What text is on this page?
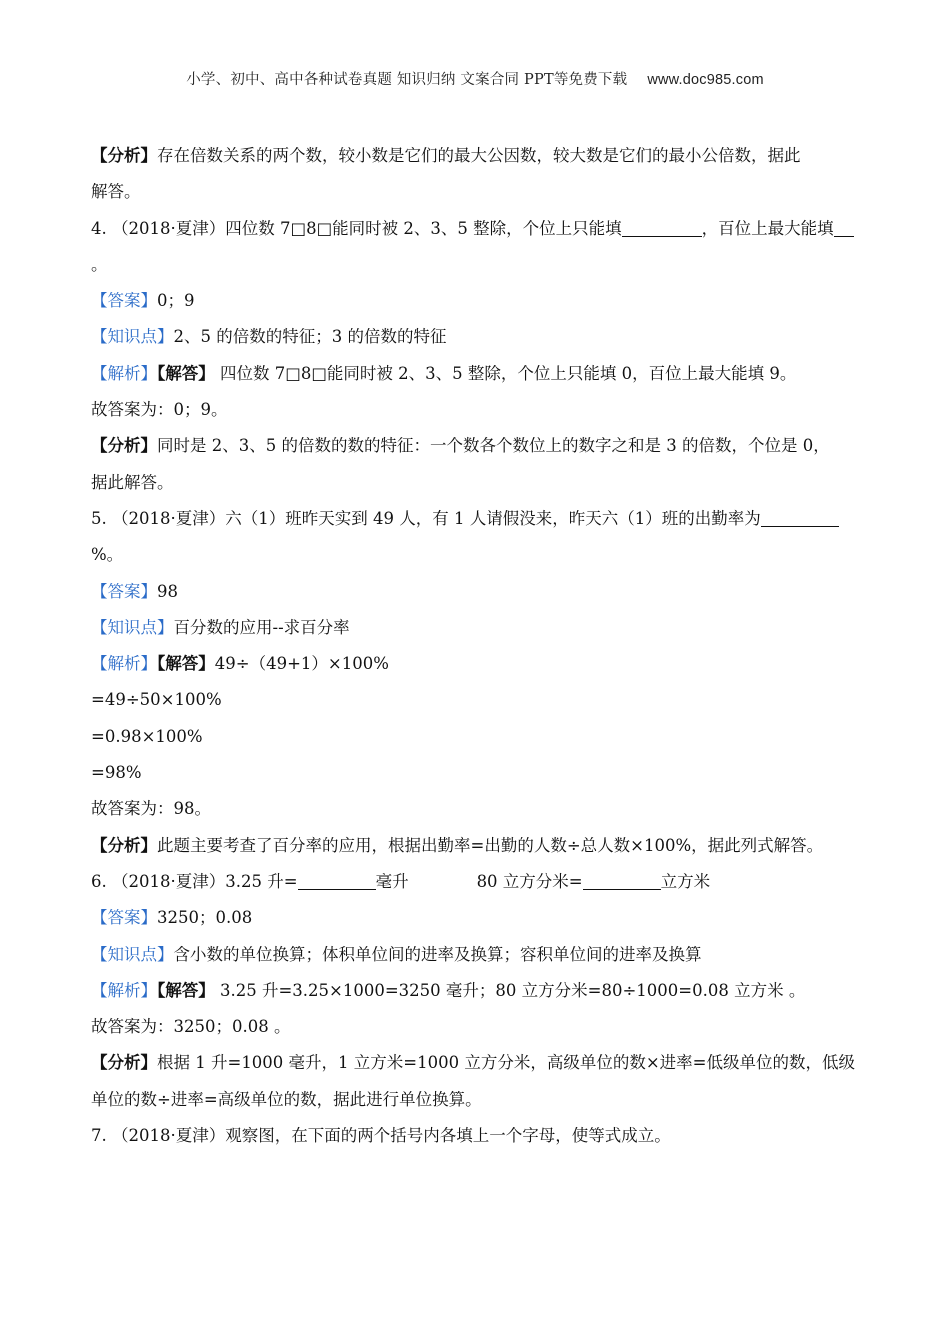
小学、初中、高中各种试卷真题 知识归纳 文案合同 PPT等免费下载 www.doc985.com
【分析】存在倍数关系的两个数，较小数是它们的最大公因数，较大数是它们的最小公倍数，据此
解答。
4. （2018·夏津）四位数 7□8□能同时被 2、3、5 整除，个位上只能填	，百位上最大能填
。
【答案】0；9
【知识点】2、5 的倍数的特征；3 的倍数的特征
【解析】【解答】 四位数 7□8□能同时被 2、3、5 整除，个位上只能填 0，百位上最大能填 9。
故答案为：0；9。
【分析】同时是 2、3、5 的倍数的数的特征：一个数各个数位上的数字之和是 3 的倍数，个位是 0，
据此解答。
5. （2018·夏津）六（1）班昨天实到 49 人，有 1 人请假没来，昨天六（1）班的出勤率为
%。
【答案】98
【知识点】百分数的应用--求百分率
【解析】【解答】49÷（49+1）×100%
=49÷50×100%
=0.98×100%
=98%
故答案为：98。
【分析】此题主要考查了百分率的应用，根据出勤率=出勤的人数÷总人数×100%，据此列式解答。
6. （2018·夏津）3.25 升=	毫升	80 立方分米=	立方米
【答案】3250；0.08
【知识点】含小数的单位换算；体积单位间的进率及换算；容积单位间的进率及换算
【解析】【解答】 3.25 升=3.25×1000=3250 毫升；80 立方分米=80÷1000=0.08 立方米 。
故答案为：3250；0.08 。
【分析】根据 1 升=1000 毫升，1 立方米=1000 立方分米，高级单位的数×进率=低级单位的数，低级
单位的数÷进率=高级单位的数，据此进行单位换算。
7. （2018·夏津）观察图，在下面的两个括号内各填上一个字母，使等式成立。
